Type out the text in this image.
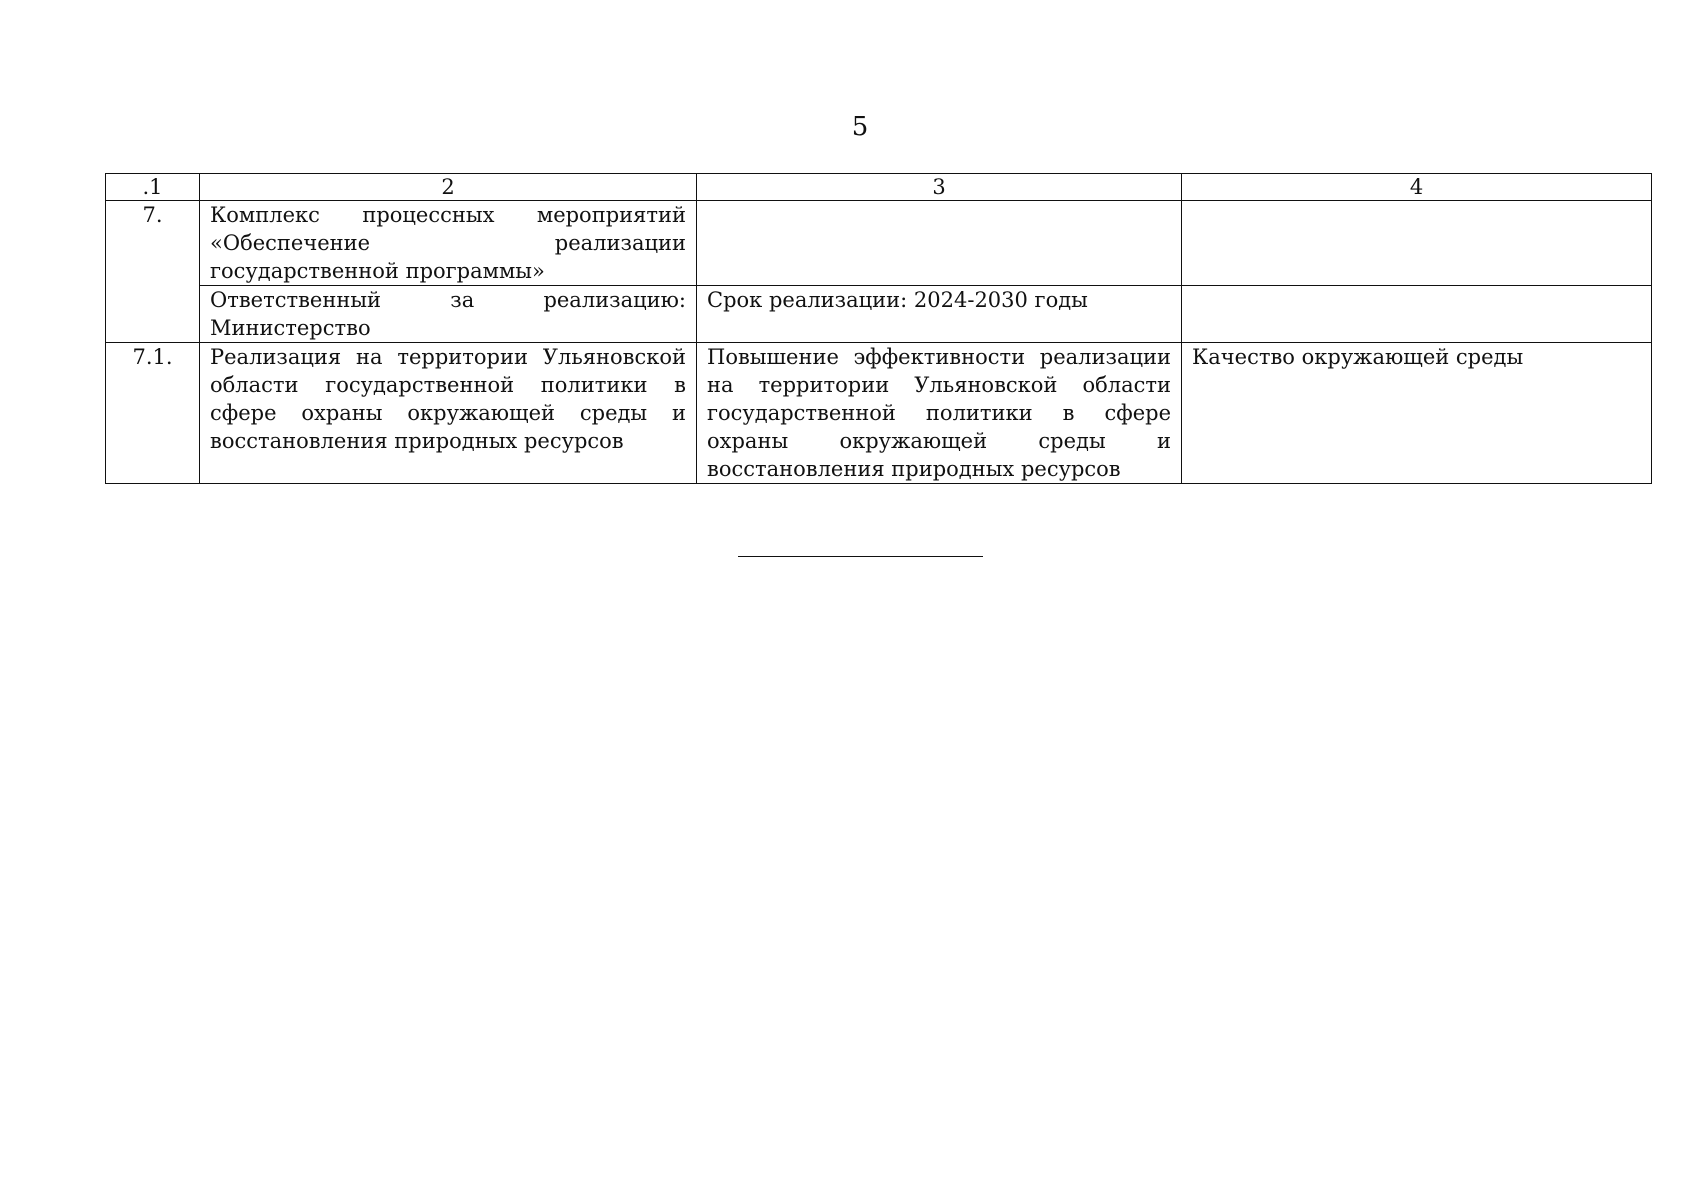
5
.1	2	3	4
7.	Комплекс процессных мероприятий «Обеспечение реализации государственной программы»		
	Ответственный за реализацию: Министерство	Срок реализации: 2024-2030 годы	
7.1.	Реализация на территории Ульяновской области государственной политики в сфере охраны окружающей среды и восстановления природных ресурсов	Повышение эффективности реализации на территории Ульяновской области государственной политики в сфере охраны окружающей среды и восстановления природных ресурсов	Качество окружающей среды
